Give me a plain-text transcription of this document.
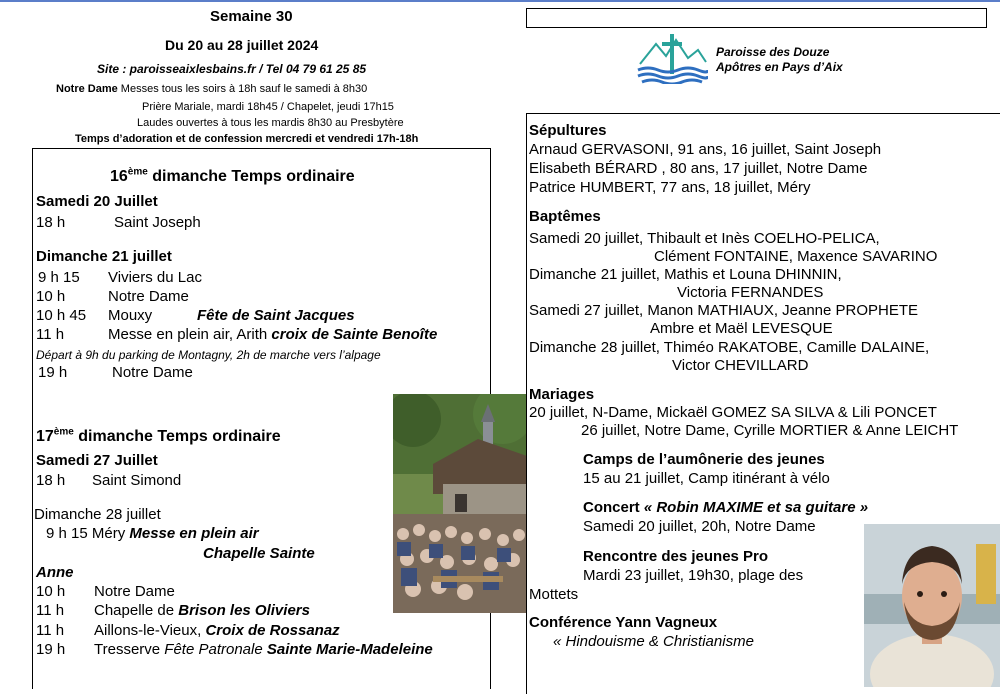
Semaine 30
Du 20 au 28 juillet 2024
Site : paroisseaixlesbains.fr / Tel 04 79 61 25 85
Notre Dame Messes tous les soirs à 18h sauf le samedi à 8h30
Prière Mariale, mardi 18h45 / Chapelet, jeudi 17h15
Laudes ouvertes à tous les mardis 8h30 au Presbytère
Temps d’adoration et de confession mercredi et vendredi 17h-18h
Paroisse des Douze
Apôtres en Pays d’Aix
16ème dimanche Temps ordinaire
Samedi 20 Juillet
18 h	Saint Joseph
Dimanche 21 juillet
9 h 15 Viviers du Lac
10 h	Notre Dame
10 h 45 Mouxy	Fête de Saint Jacques
11 h	Messe en plein air, Arith croix de Sainte Benoîte
Départ à 9h du parking de Montagny, 2h de marche vers l’alpage
19 h	Notre Dame
17ème dimanche Temps ordinaire
Samedi 27 Juillet
18 h Saint Simond
Dimanche 28 juillet
9 h 15 Méry Messe en plein air
Chapelle Sainte
Anne
10 h Notre Dame
11 h Chapelle de Brison les Oliviers
11 h Aillons-le-Vieux, Croix de Rossanaz
19 h Tresserve Fête Patronale Sainte Marie-Madeleine
Sépultures
Arnaud GERVASONI, 91 ans, 16 juillet, Saint Joseph
Elisabeth BÉRARD , 80 ans, 17 juillet, Notre Dame
Patrice HUMBERT, 77 ans, 18 juillet, Méry
Baptêmes
Samedi 20 juillet, Thibault et Inès COELHO-PELICA,
Clément FONTAINE, Maxence SAVARINO
Dimanche 21 juillet, Mathis et Louna DHINNIN,
Victoria FERNANDES
Samedi 27 juillet, Manon MATHIAUX, Jeanne PROPHETE
Ambre et Maël LEVESQUE
Dimanche 28 juillet, Thiméo RAKATOBE, Camille DALAINE,
Victor CHEVILLARD
Mariages
20 juillet, N-Dame, Mickaël GOMEZ SA SILVA & Lili PONCET
26 juillet, Notre Dame, Cyrille MORTIER & Anne LEICHT
Camps de l’aumônerie des jeunes
15 au 21 juillet, Camp itinérant à vélo
Concert « Robin MAXIME et sa guitare »
Samedi 20 juillet, 20h, Notre Dame
Rencontre des jeunes Pro
Mardi 23 juillet, 19h30, plage des
Mottets
Conférence Yann Vagneux
« Hindouisme & Christianisme
